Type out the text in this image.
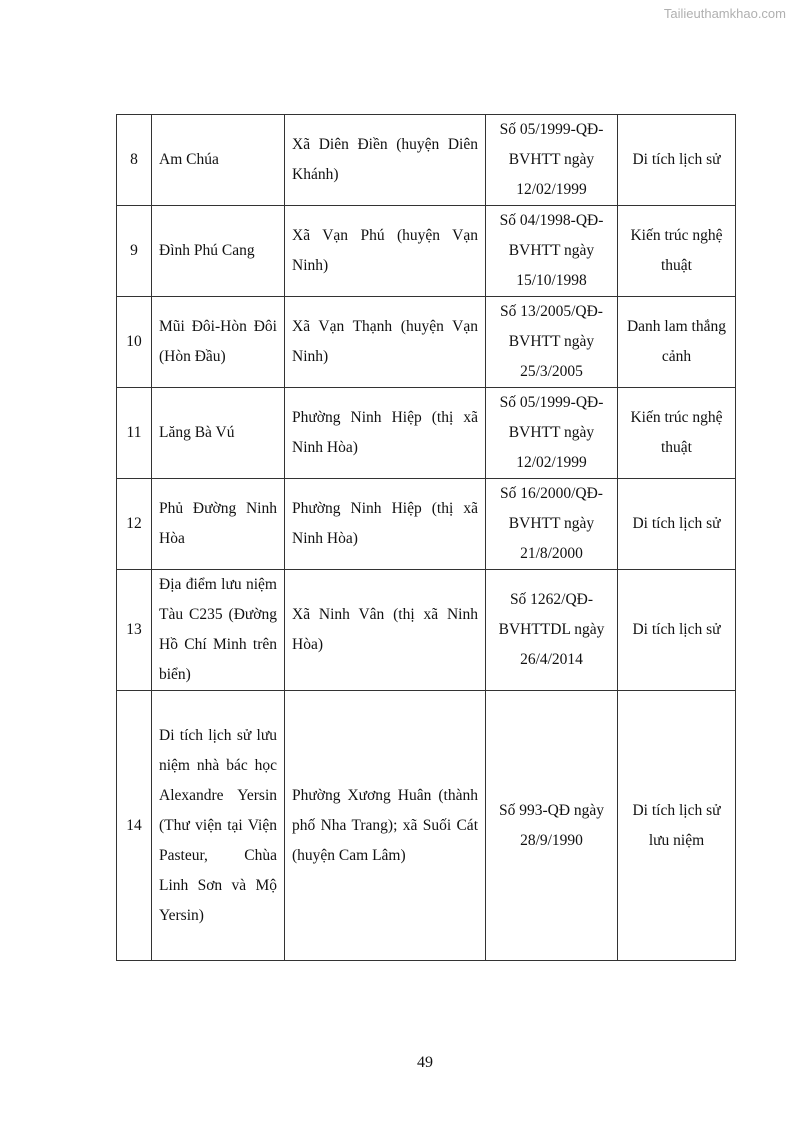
Tailieuthamkhao.com
8	Am Chúa	Xã Diên Điền (huyện Diên Khánh)	Số 05/1999-QĐ-BVHTT ngày 12/02/1999	Di tích lịch sử
9	Đình Phú Cang	Xã Vạn Phú (huyện Vạn Ninh)	Số 04/1998-QĐ-BVHTT ngày 15/10/1998	Kiến trúc nghệ thuật
10	Mũi Đôi-Hòn Đôi (Hòn Đầu)	Xã Vạn Thạnh (huyện Vạn Ninh)	Số 13/2005/QĐ-BVHTT ngày 25/3/2005	Danh lam thắng cảnh
11	Lăng Bà Vú	Phường Ninh Hiệp (thị xã Ninh Hòa)	Số 05/1999-QĐ-BVHTT ngày 12/02/1999	Kiến trúc nghệ thuật
12	Phủ Đường Ninh Hòa	Phường Ninh Hiệp (thị xã Ninh Hòa)	Số 16/2000/QĐ-BVHTT ngày 21/8/2000	Di tích lịch sử
13	Địa điểm lưu niệm Tàu C235 (Đường Hồ Chí Minh trên biển)	Xã Ninh Vân (thị xã Ninh Hòa)	Số 1262/QĐ-BVHTTDL ngày 26/4/2014	Di tích lịch sử
14	Di tích lịch sử lưu niệm nhà bác học Alexandre Yersin (Thư viện tại Viện Pasteur, Chùa Linh Sơn và Mộ Yersin)	Phường Xương Huân (thành phố Nha Trang); xã Suối Cát (huyện Cam Lâm)	Số 993-QĐ ngày 28/9/1990	Di tích lịch sử lưu niệm
49
